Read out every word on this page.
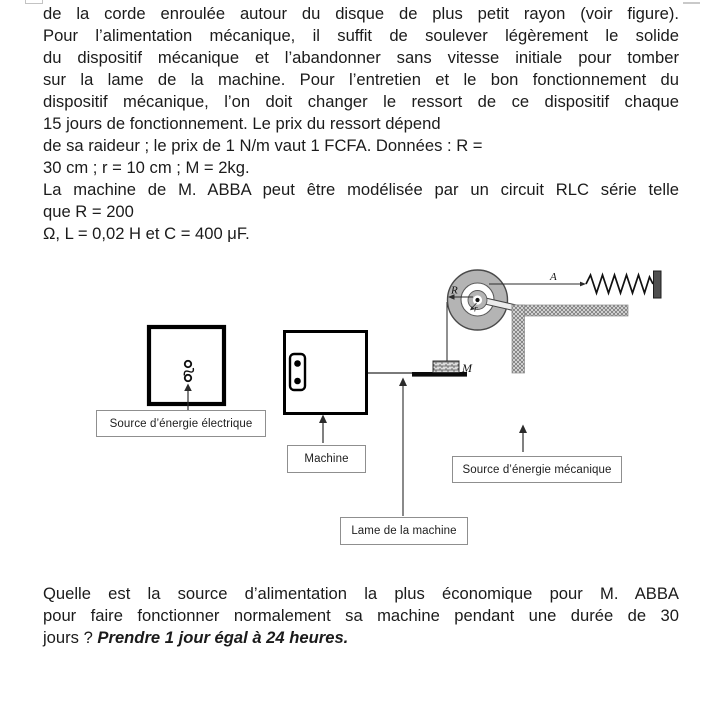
de la corde enroulée autour du disque de plus petit rayon (voir figure).
Pour l’alimentation mécanique, il suffit de soulever légèrement le solide
du dispositif mécanique et l’abandonner sans vitesse initiale pour tomber
sur la lame de la machine. Pour l’entretien et le bon fonctionnement du
dispositif mécanique, l’on doit changer le ressort de ce dispositif chaque
15 jours de fonctionnement. Le prix du ressort dépend
de sa raideur ; le prix de 1 N/m vaut 1 FCFA. Données : R =
30 cm ; r = 10 cm ; M = 2kg.
La machine de M. ABBA peut être modélisée par un circuit RLC série telle
que R = 200
Ω, L = 0,02 H et C = 400 μF.
M
R
r
A
Source d’énergie électrique
Machine
Source d’énergie mécanique
Lame de la machine
Quelle est la source d’alimentation la plus économique pour M. ABBA
pour faire fonctionner normalement sa machine pendant une durée de 30
jours ? Prendre 1 jour égal à 24 heures.
